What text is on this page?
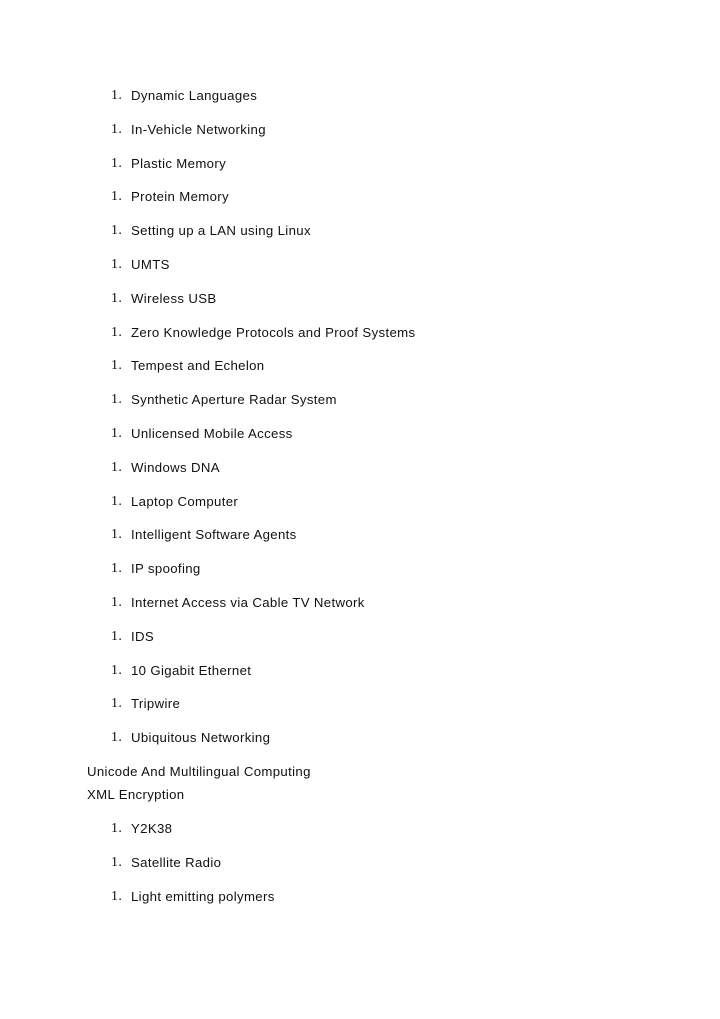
1. Dynamic Languages
1. In-Vehicle Networking
1. Plastic Memory
1. Protein Memory
1. Setting up a LAN using Linux
1. UMTS
1. Wireless USB
1. Zero Knowledge Protocols and Proof Systems
1. Tempest and Echelon
1. Synthetic Aperture Radar System
1. Unlicensed Mobile Access
1. Windows DNA
1. Laptop Computer
1. Intelligent Software Agents
1. IP spoofing
1. Internet Access via Cable TV Network
1. IDS
1. 10 Gigabit Ethernet
1. Tripwire
1. Ubiquitous Networking
Unicode And Multilingual Computing
XML Encryption
1. Y2K38
1. Satellite Radio
1. Light emitting polymers
